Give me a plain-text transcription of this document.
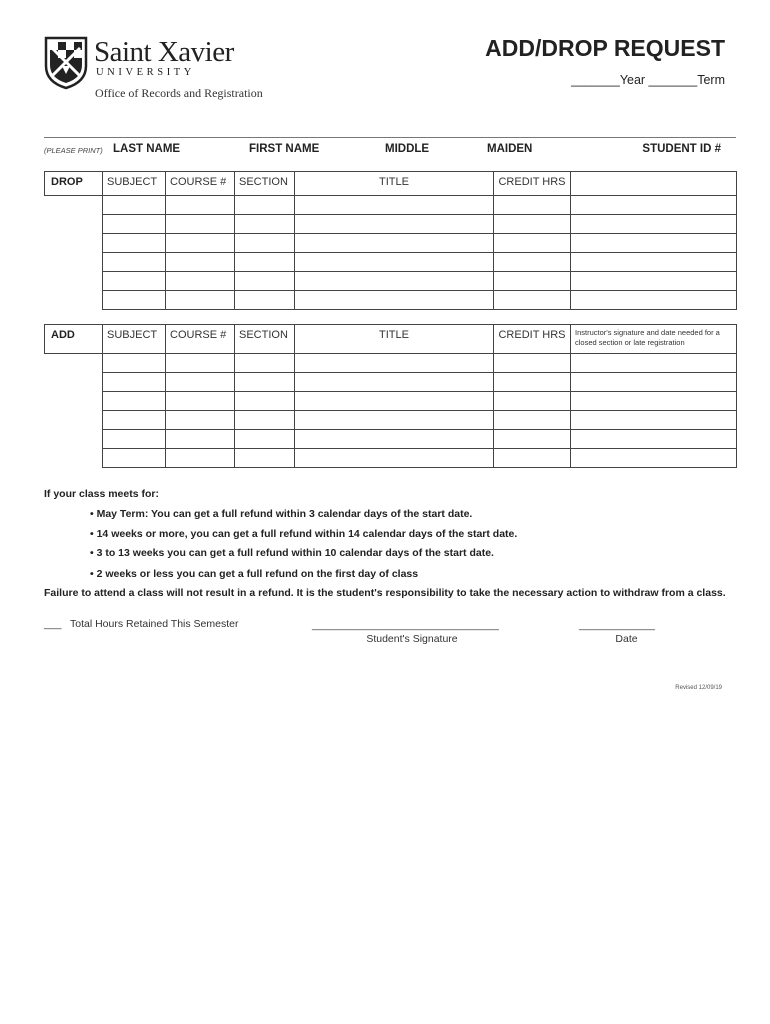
Saint Xavier
UNIVERSITY
Office of Records and Registration
ADD/DROP REQUEST
_______Year _______Term
(PLEASE PRINT) LAST NAME	FIRST NAME	MIDDLE	MAIDEN	STUDENT ID #
DROP	SUBJECT	COURSE #	SECTION	TITLE	CREDIT HRS	

ADD	SUBJECT	COURSE #	SECTION	TITLE	CREDIT HRS	Instructor's signature and date needed for a closed section or late registration

If your class meets for:
• May Term: You can get a full refund within 3 calendar days of the start date.
• 14 weeks or more, you can get a full refund within 14 calendar days of the start date.
• 3 to 13 weeks you can get a full refund within 10 calendar days of the start date.
• 2 weeks or less you can get a full refund on the first day of class
Failure to attend a class will not result in a refund. It is the student's responsibility to take the necessary action to withdraw from a class.
___ Total Hours Retained This Semester	________________________________
Student's Signature
_____________
Date
Revised 12/09/19
